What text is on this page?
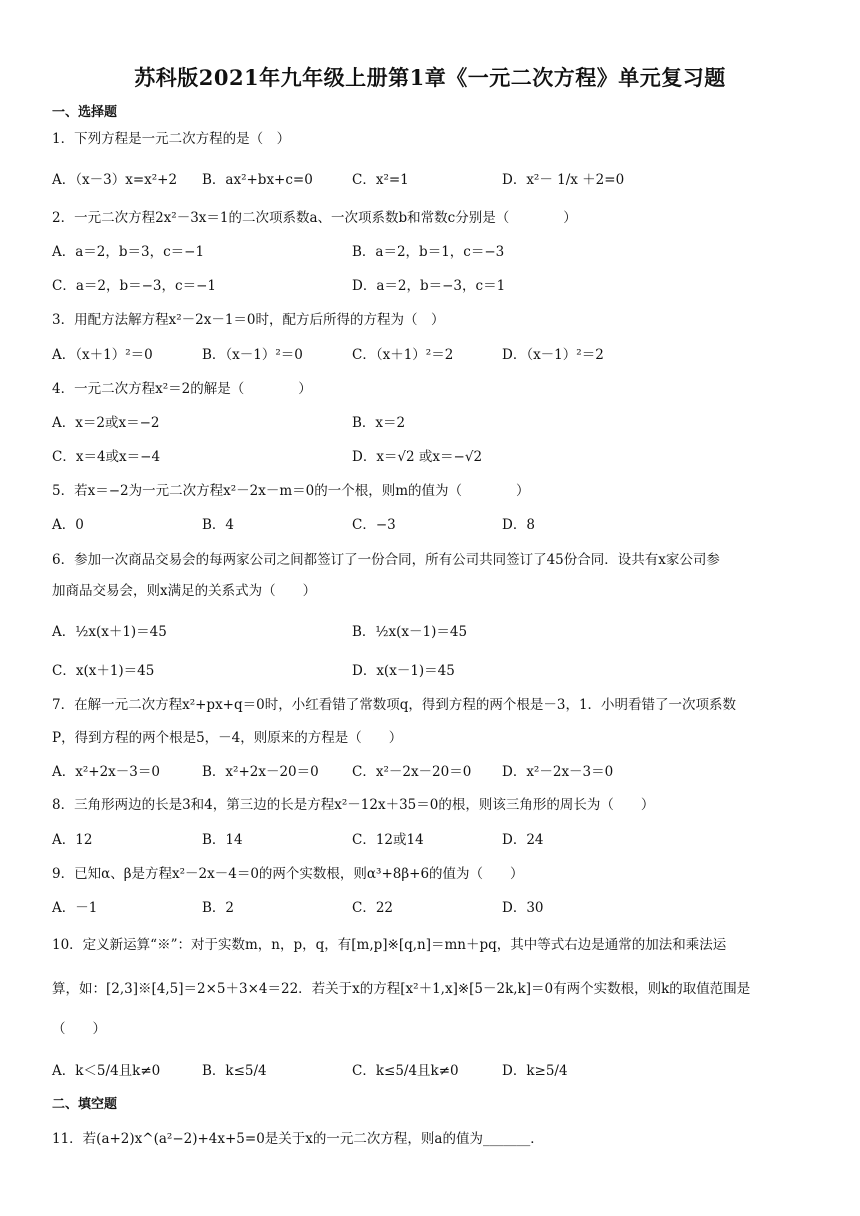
苏科版2021年九年级上册第1章《一元二次方程》单元复习题
一、选择题
1．下列方程是一元二次方程的是（　）
A．（x－3）x=x²+2 B．ax²+bx+c=0	C．x²=1	D．x²－ 1/x ＋2=0
2．一元二次方程2x²－3x＝1的二次项系数a、一次项系数b和常数c分别是（　　　　）
A．a＝2，b＝3，c＝−1	B．a＝2，b＝1，c＝−3
C．a＝2，b＝−3，c＝−1	D．a＝2，b＝−3，c＝1
3．用配方法解方程x²－2x－1＝0时，配方后所得的方程为（　）
A．（x＋1）²＝0	B．（x－1）²＝0	C．（x＋1）²＝2	D．（x－1）²＝2
4．一元二次方程x²＝2的解是（　　　　）
A．x＝2或x＝−2	B．x＝2
C．x＝4或x＝−4	D．x＝√2 或x＝−√2
5．若x＝−2为一元二次方程x²－2x－m＝0的一个根，则m的值为（　　　　）
A．0	B．4	C．−3	D．8
6．参加一次商品交易会的每两家公司之间都签订了一份合同，所有公司共同签订了45份合同．设共有x家公司参
加商品交易会，则x满足的关系式为（　　）
A．½x(x＋1)＝45	B．½x(x－1)＝45
C．x(x＋1)＝45	D．x(x－1)＝45
7．在解一元二次方程x²+px+q＝0时，小红看错了常数项q，得到方程的两个根是－3，1．小明看错了一次项系数
P，得到方程的两个根是5，－4，则原来的方程是（　　）
A．x²+2x－3＝0	B．x²+2x－20＝0 C．x²－2x－20＝0 D．x²－2x－3＝0
8．三角形两边的长是3和4，第三边的长是方程x²－12x＋35＝0的根，则该三角形的周长为（　　）
A．12	B．14	C．12或14	D．24
9．已知α、β是方程x²－2x－4＝0的两个实数根，则α³+8β+6的值为（　　）
A．－1	B．2	C．22	D．30
10．定义新运算“※”：对于实数m，n，p，q，有[m,p]※[q,n]＝mn＋pq，其中等式右边是通常的加法和乘法运
算，如：[2,3]※[4,5]＝2×5＋3×4＝22．若关于x的方程[x²＋1,x]※[5－2k,k]＝0有两个实数根，则k的取值范围是
（　　）
A．k＜5/4且k≠0	B．k≤5/4	C．k≤5/4且k≠0	D．k≥5/4
二、填空题
11．若(a+2)x^(a²−2)+4x+5=0是关于x的一元二次方程，则a的值为_______．
